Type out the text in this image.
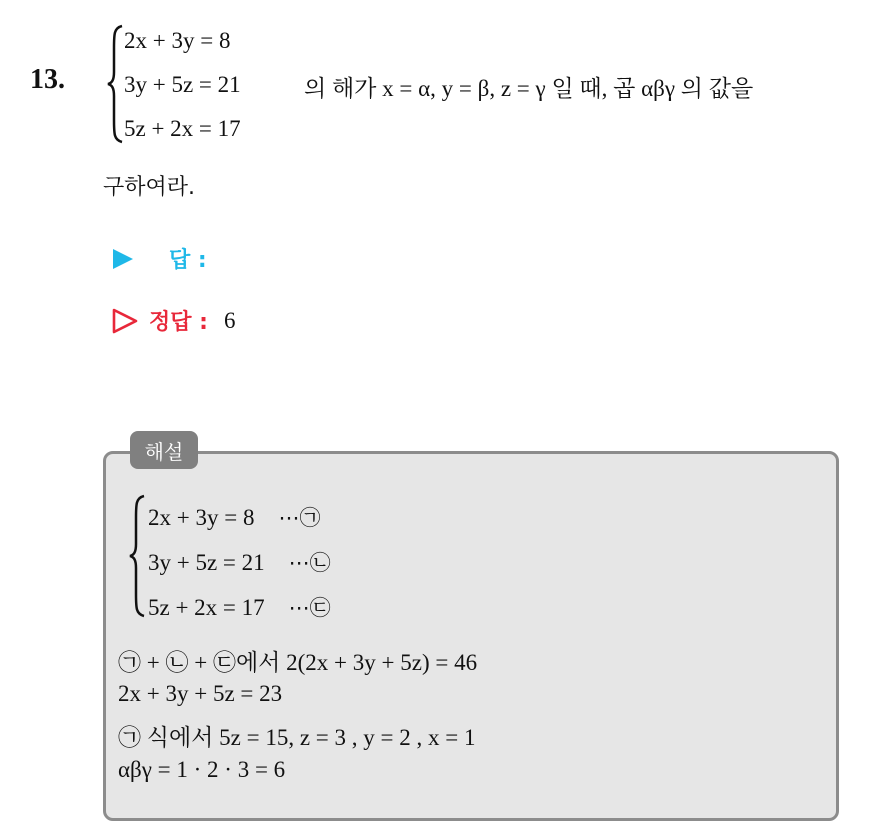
13.
2x + 3y = 8
3y + 5z = 21
5z + 2x = 17
의 해가 x = α, y = β, z = γ 일 때, 곱 αβγ 의 값을
구하여라.
답 :
정답 : 6
해설
2x + 3y = 8 ⋯㉠
3y + 5z = 21 ⋯㉡
5z + 2x = 17 ⋯㉢
㉠ + ㉡ + ㉢에서 2(2x + 3y + 5z) = 46
2x + 3y + 5z = 23
㉠ 식에서 5z = 15, z = 3 , y = 2 , x = 1
αβγ = 1 · 2 · 3 = 6
